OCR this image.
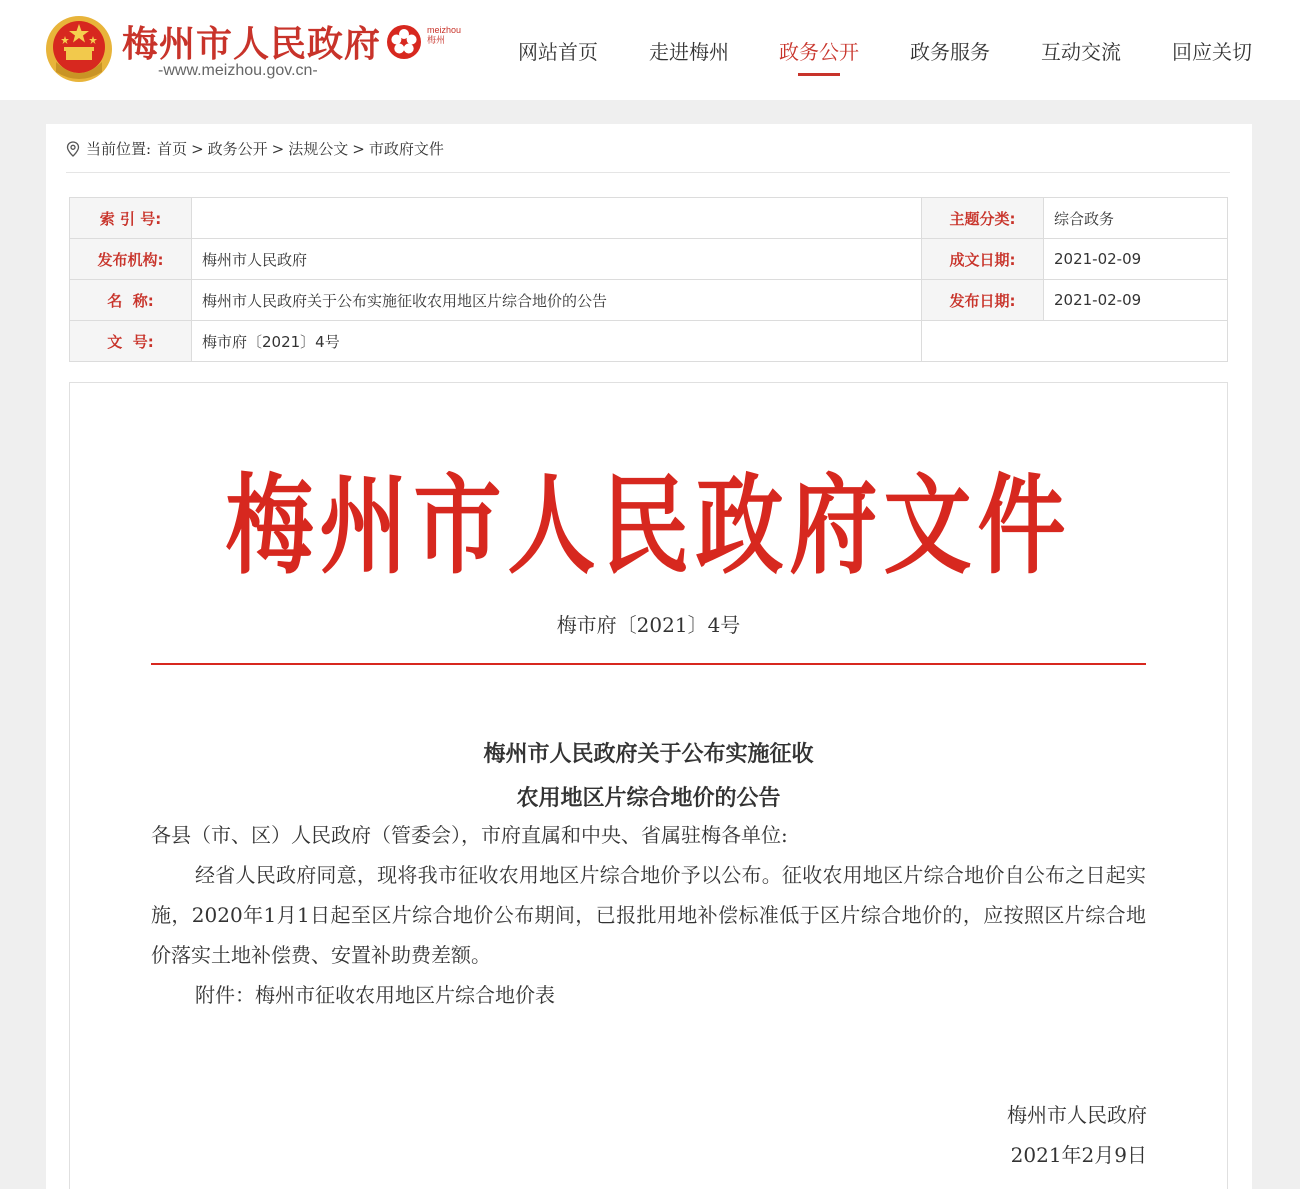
梅州市人民政府
-www.meizhou.gov.cn-
meizhou
梅州	网站首页	走进梅州	政务公开	政务服务	互动交流	回应关切
当前位置: 首页 > 政务公开 > 法规公文 > 市政府文件
索 引 号:		主题分类:	综合政务
发布机构:	梅州市人民政府	成文日期:	2021-02-09
名  称:	梅州市人民政府关于公布实施征收农用地区片综合地价的公告	发布日期:	2021-02-09
文  号:	梅市府〔2021〕4号		
梅州市人民政府文件
梅市府〔2021〕4号
梅州市人民政府关于公布实施征收
农用地区片综合地价的公告
各县（市、区）人民政府（管委会），市府直属和中央、省属驻梅各单位:
经省人民政府同意，现将我市征收农用地区片综合地价予以公布。征收农用地区片综合地价自公布之日起实施，2020年1月1日起至区片综合地价公布期间，已报批用地补偿标准低于区片综合地价的，应按照区片综合地价落实土地补偿费、安置补助费差额。
附件：梅州市征收农用地区片综合地价表
梅州市人民政府
2021年2月9日
